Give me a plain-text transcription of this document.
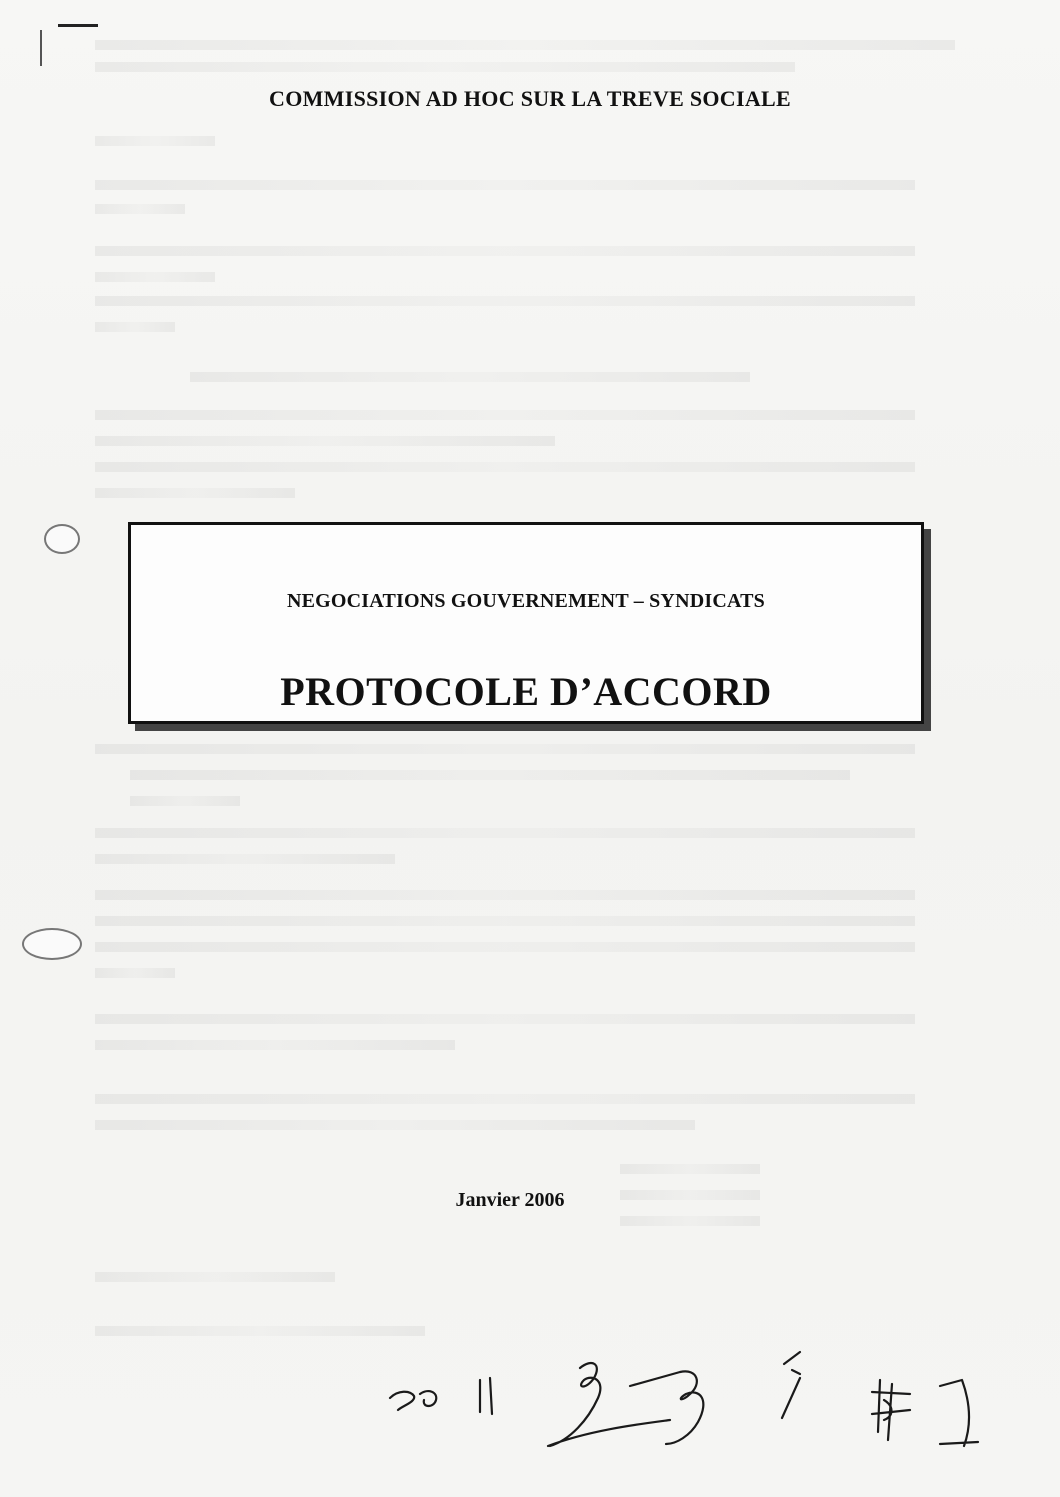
COMMISSION AD HOC SUR LA TREVE SOCIALE
NEGOCIATIONS GOUVERNEMENT – SYNDICATS
PROTOCOLE D’ACCORD
Janvier 2006
